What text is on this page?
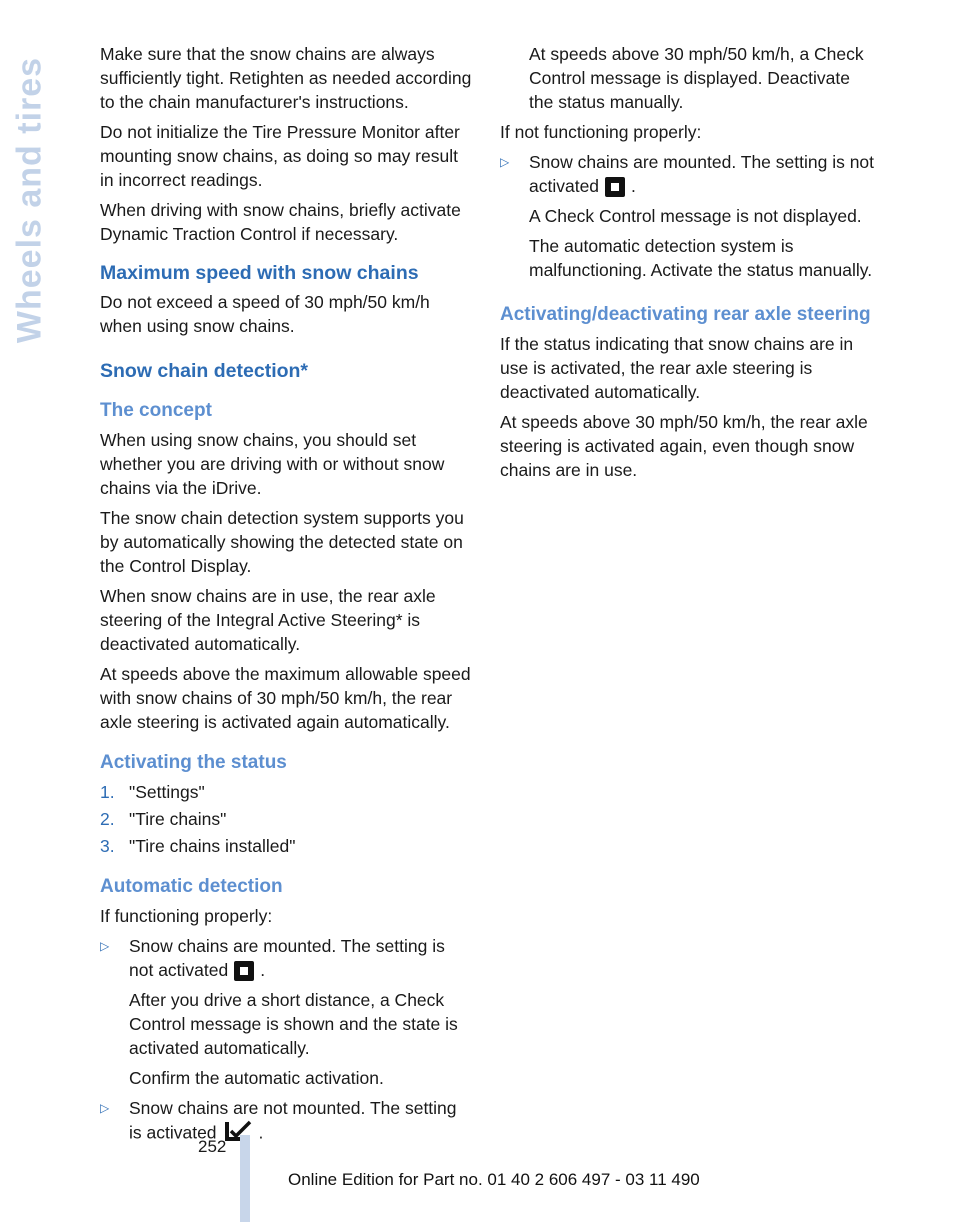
Wheels and tires

Make sure that the snow chains are always sufficiently tight. Retighten as needed according to the chain manufacturer's instructions.

Do not initialize the Tire Pressure Monitor after mounting snow chains, as doing so may result in incorrect readings.

When driving with snow chains, briefly activate Dynamic Traction Control if necessary.

Maximum speed with snow chains

Do not exceed a speed of 30 mph/50 km/h when using snow chains.

Snow chain detection*
The concept

When using snow chains, you should set whether you are driving with or without snow chains via the iDrive.

The snow chain detection system supports you by automatically showing the detected state on the Control Display.

When snow chains are in use, the rear axle steering of the Integral Active Steering* is deactivated automatically.

At speeds above the maximum allowable speed with snow chains of 30 mph/50 km/h, the rear axle steering is activated again automatically.

Activating the status
1. "Settings"
2. "Tire chains"
3. "Tire chains installed"
Automatic detection

If functioning properly:

▷ Snow chains are mounted. The setting is not activated .
After you drive a short distance, a Check Control message is shown and the state is activated automatically.
Confirm the automatic activation.
▷ Snow chains are not mounted. The setting is activated .
At speeds above 30 mph/50 km/h, a Check Control message is displayed. Deactivate the status manually.

If not functioning properly:

▷ Snow chains are mounted. The setting is not activated .
A Check Control message is not displayed.
The automatic detection system is malfunctioning. Activate the status manually.
Activating/deactivating rear axle steering

If the status indicating that snow chains are in use is activated, the rear axle steering is deactivated automatically.

At speeds above 30 mph/50 km/h, the rear axle steering is activated again, even though snow chains are in use.

252
Online Edition for Part no. 01 40 2 606 497 - 03 11 490
